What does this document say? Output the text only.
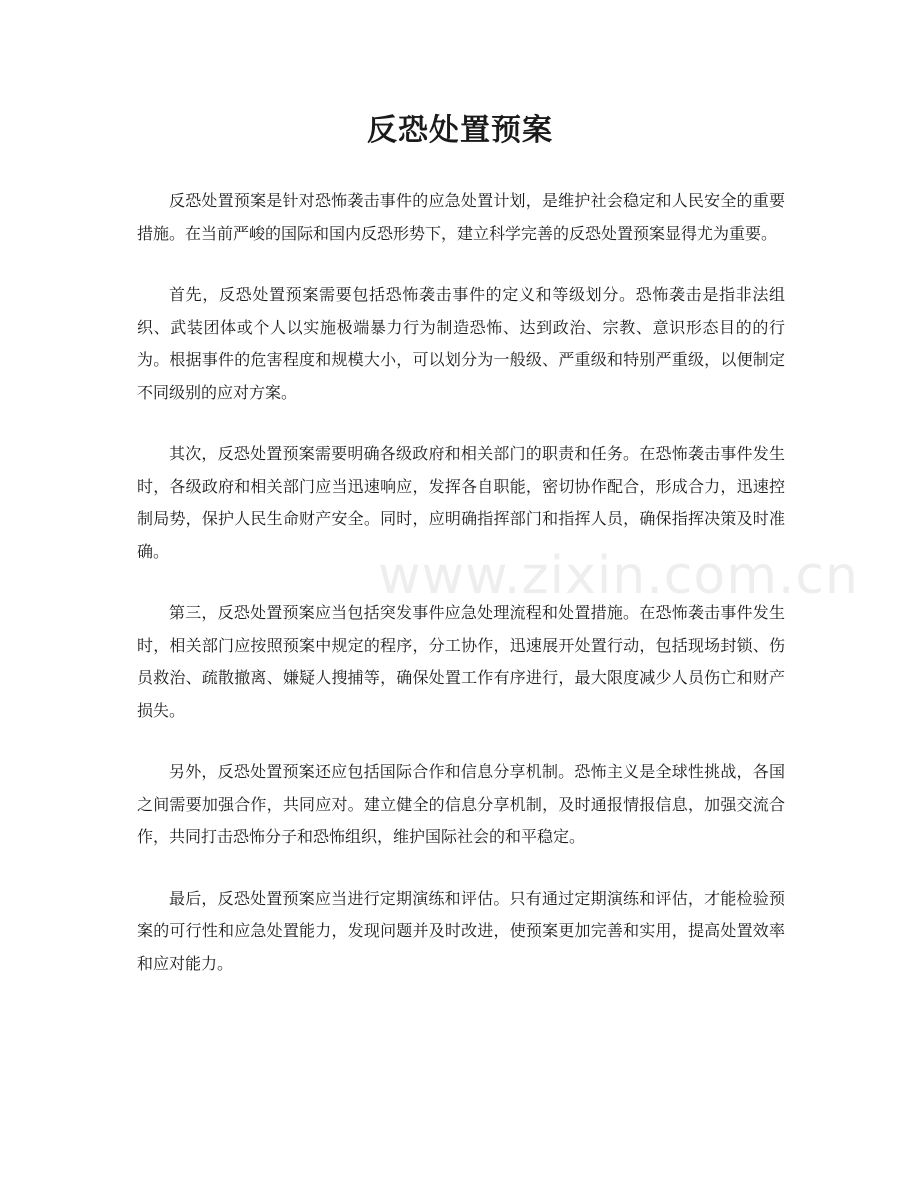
反恐处置预案

反恐处置预案是针对恐怖袭击事件的应急处置计划，是维护社会稳定和人民安全的重要措施。在当前严峻的国际和国内反恐形势下，建立科学完善的反恐处置预案显得尤为重要。

首先，反恐处置预案需要包括恐怖袭击事件的定义和等级划分。恐怖袭击是指非法组织、武装团体或个人以实施极端暴力行为制造恐怖、达到政治、宗教、意识形态目的的行为。根据事件的危害程度和规模大小，可以划分为一般级、严重级和特别严重级，以便制定不同级别的应对方案。

其次，反恐处置预案需要明确各级政府和相关部门的职责和任务。在恐怖袭击事件发生时，各级政府和相关部门应当迅速响应，发挥各自职能，密切协作配合，形成合力，迅速控制局势，保护人民生命财产安全。同时，应明确指挥部门和指挥人员，确保指挥决策及时准确。

第三，反恐处置预案应当包括突发事件应急处理流程和处置措施。在恐怖袭击事件发生时，相关部门应按照预案中规定的程序，分工协作，迅速展开处置行动，包括现场封锁、伤员救治、疏散撤离、嫌疑人搜捕等，确保处置工作有序进行，最大限度减少人员伤亡和财产损失。

另外，反恐处置预案还应包括国际合作和信息分享机制。恐怖主义是全球性挑战，各国之间需要加强合作，共同应对。建立健全的信息分享机制，及时通报情报信息，加强交流合作，共同打击恐怖分子和恐怖组织，维护国际社会的和平稳定。

最后，反恐处置预案应当进行定期演练和评估。只有通过定期演练和评估，才能检验预案的可行性和应急处置能力，发现问题并及时改进，使预案更加完善和实用，提高处置效率和应对能力。

www.zixin.com.cn
